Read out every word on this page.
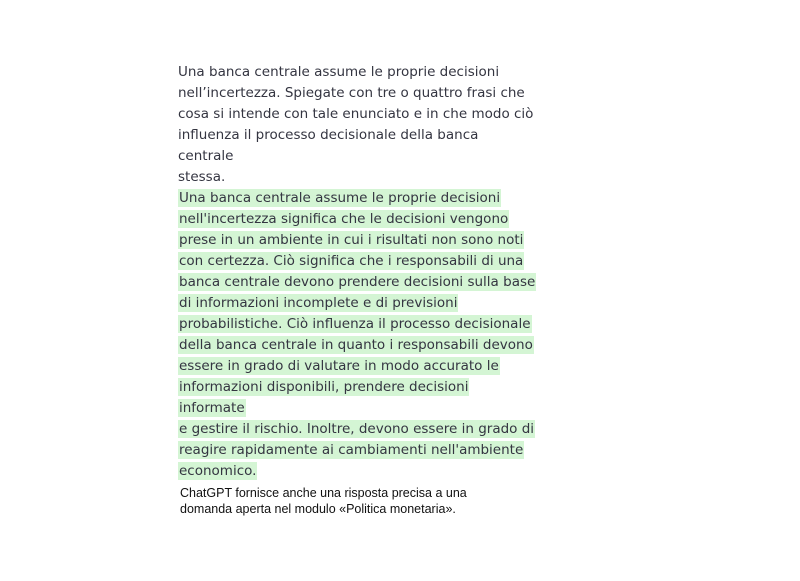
Una banca centrale assume le proprie decisioni
nell’incertezza. Spiegate con tre o quattro frasi che
cosa si intende con tale enunciato e in che modo ciò
influenza il processo decisionale della banca centrale
stessa.

Una banca centrale assume le proprie decisioni
nell'incertezza significa che le decisioni vengono
prese in un ambiente in cui i risultati non sono noti
con certezza. Ciò significa che i responsabili di una
banca centrale devono prendere decisioni sulla base
di informazioni incomplete e di previsioni
probabilistiche. Ciò influenza il processo decisionale
della banca centrale in quanto i responsabili devono
essere in grado di valutare in modo accurato le
informazioni disponibili, prendere decisioni informate
e gestire il rischio. Inoltre, devono essere in grado di
reagire rapidamente ai cambiamenti nell'ambiente
economico.

ChatGPT fornisce anche una risposta precisa a una
domanda aperta nel modulo «Politica monetaria».
